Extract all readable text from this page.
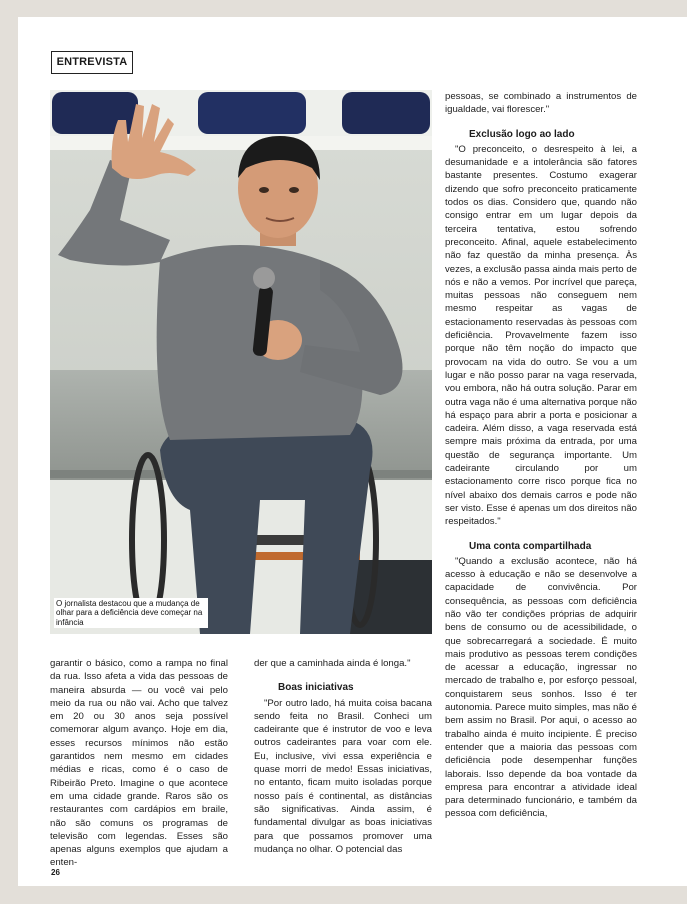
ENTREVISTA
O jornalista destacou que a mudança de olhar para a deficiência deve começar na infância

garantir o básico, como a rampa no final da rua. Isso afeta a vida das pessoas de maneira absurda — ou você vai pelo meio da rua ou não vai. Acho que talvez em 20 ou 30 anos seja possível comemorar algum avanço. Hoje em dia, esses recursos mínimos não estão garantidos nem mesmo em cidades médias e ricas, como é o caso de Ribeirão Preto. Imagine o que acontece em uma cidade grande. Raros são os restaurantes com cardápios em braile, não são comuns os programas de televisão com legendas. Esses são apenas alguns exemplos que ajudam a enten-

der que a caminhada ainda é longa."

Boas iniciativas

"Por outro lado, há muita coisa bacana sendo feita no Brasil. Conheci um cadeirante que é instrutor de voo e leva outros cadeirantes para voar com ele. Eu, inclusive, vivi essa experiência e quase morri de medo! Essas iniciativas, no entanto, ficam muito isoladas porque nosso país é continental, as distâncias são significativas. Ainda assim, é fundamental divulgar as boas iniciativas para que possamos promover uma mudança no olhar. O potencial das

pessoas, se combinado a instrumentos de igualdade, vai florescer."

Exclusão logo ao lado

"O preconceito, o desrespeito à lei, a desumanidade e a intolerância são fatores bastante presentes. Costumo exagerar dizendo que sofro preconceito praticamente todos os dias. Considero que, quando não consigo entrar em um lugar depois da terceira tentativa, estou sofrendo preconceito. Afinal, aquele estabelecimento não faz questão da minha presença. Às vezes, a exclusão passa ainda mais perto de nós e não a vemos. Por incrível que pareça, muitas pessoas não conseguem nem mesmo respeitar as vagas de estacionamento reservadas às pessoas com deficiência. Provavelmente fazem isso porque não têm noção do impacto que provocam na vida do outro. Se vou a um lugar e não posso parar na vaga reservada, vou embora, não há outra solução. Parar em outra vaga não é uma alternativa porque não há espaço para abrir a porta e posicionar a cadeira. Além disso, a vaga reservada está sempre mais próxima da entrada, por uma questão de segurança importante. Um cadeirante circulando por um estacionamento corre risco porque fica no nível abaixo dos demais carros e pode não ser visto. Esse é apenas um dos direitos não respeitados."

Uma conta compartilhada

"Quando a exclusão acontece, não há acesso à educação e não se desenvolve a capacidade de convivência. Por consequência, as pessoas com deficiência não vão ter condições próprias de adquirir bens de consumo ou de acessibilidade, o que sobrecarregará a sociedade. É muito mais produtivo as pessoas terem condições de acessar a educação, ingressar no mercado de trabalho e, por esforço pessoal, conquistarem seus sonhos. Isso é ter autonomia. Parece muito simples, mas não é bem assim no Brasil. Por aqui, o acesso ao trabalho ainda é muito incipiente. É preciso entender que a maioria das pessoas com deficiência pode desempenhar funções laborais. Isso depende da boa vontade da empresa para encontrar a atividade ideal para determinado funcionário, e também da pessoa com deficiência,

26
